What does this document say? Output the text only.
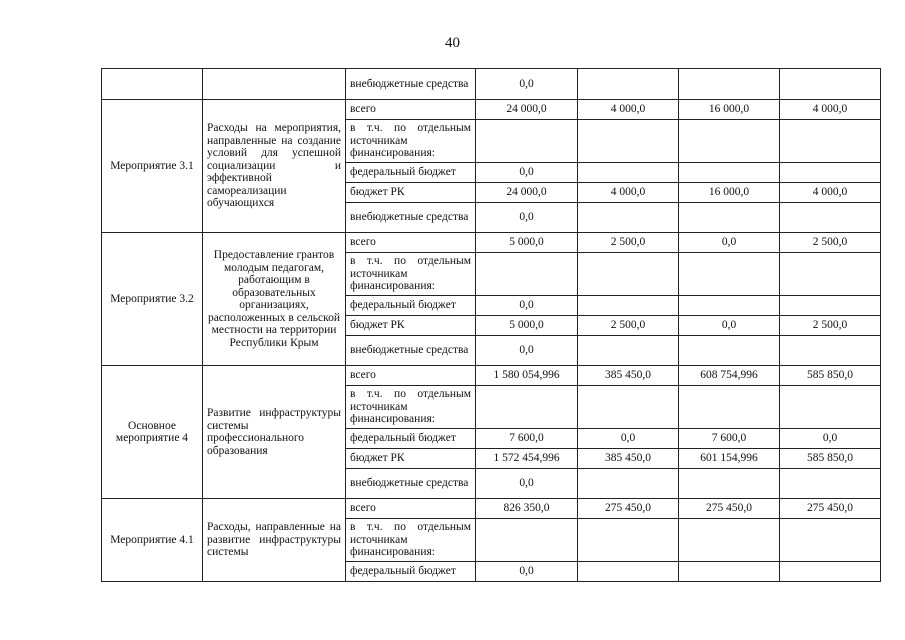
40
		внебюджетные средства	0,0			
Мероприятие 3.1	Расходы на мероприятия, направленные на создание условий для успешной социализации и эффективной самореализации обучающихся	всего	24 000,0	4 000,0	16 000,0	4 000,0
		в т.ч. по отдельным источникам финансирования:				
		федеральный бюджет	0,0			
		бюджет РК	24 000,0	4 000,0	16 000,0	4 000,0
		внебюджетные средства	0,0			
Мероприятие 3.2	Предоставление грантов молодым педагогам, работающим в образовательных организациях, расположенных в сельской местности на территории Республики Крым	всего	5 000,0	2 500,0	0,0	2 500,0
		в т.ч. по отдельным источникам финансирования:				
		федеральный бюджет	0,0			
		бюджет РК	5 000,0	2 500,0	0,0	2 500,0
		внебюджетные средства	0,0			
Основное мероприятие 4	Развитие инфраструктуры системы профессионального образования	всего	1 580 054,996	385 450,0	608 754,996	585 850,0
		в т.ч. по отдельным источникам финансирования:				
		федеральный бюджет	7 600,0	0,0	7 600,0	0,0
		бюджет РК	1 572 454,996	385 450,0	601 154,996	585 850,0
		внебюджетные средства	0,0			
Мероприятие 4.1	Расходы, направленные на развитие инфраструктуры системы	всего	826 350,0	275 450,0	275 450,0	275 450,0
		в т.ч. по отдельным источникам финансирования:				
		федеральный бюджет	0,0			
